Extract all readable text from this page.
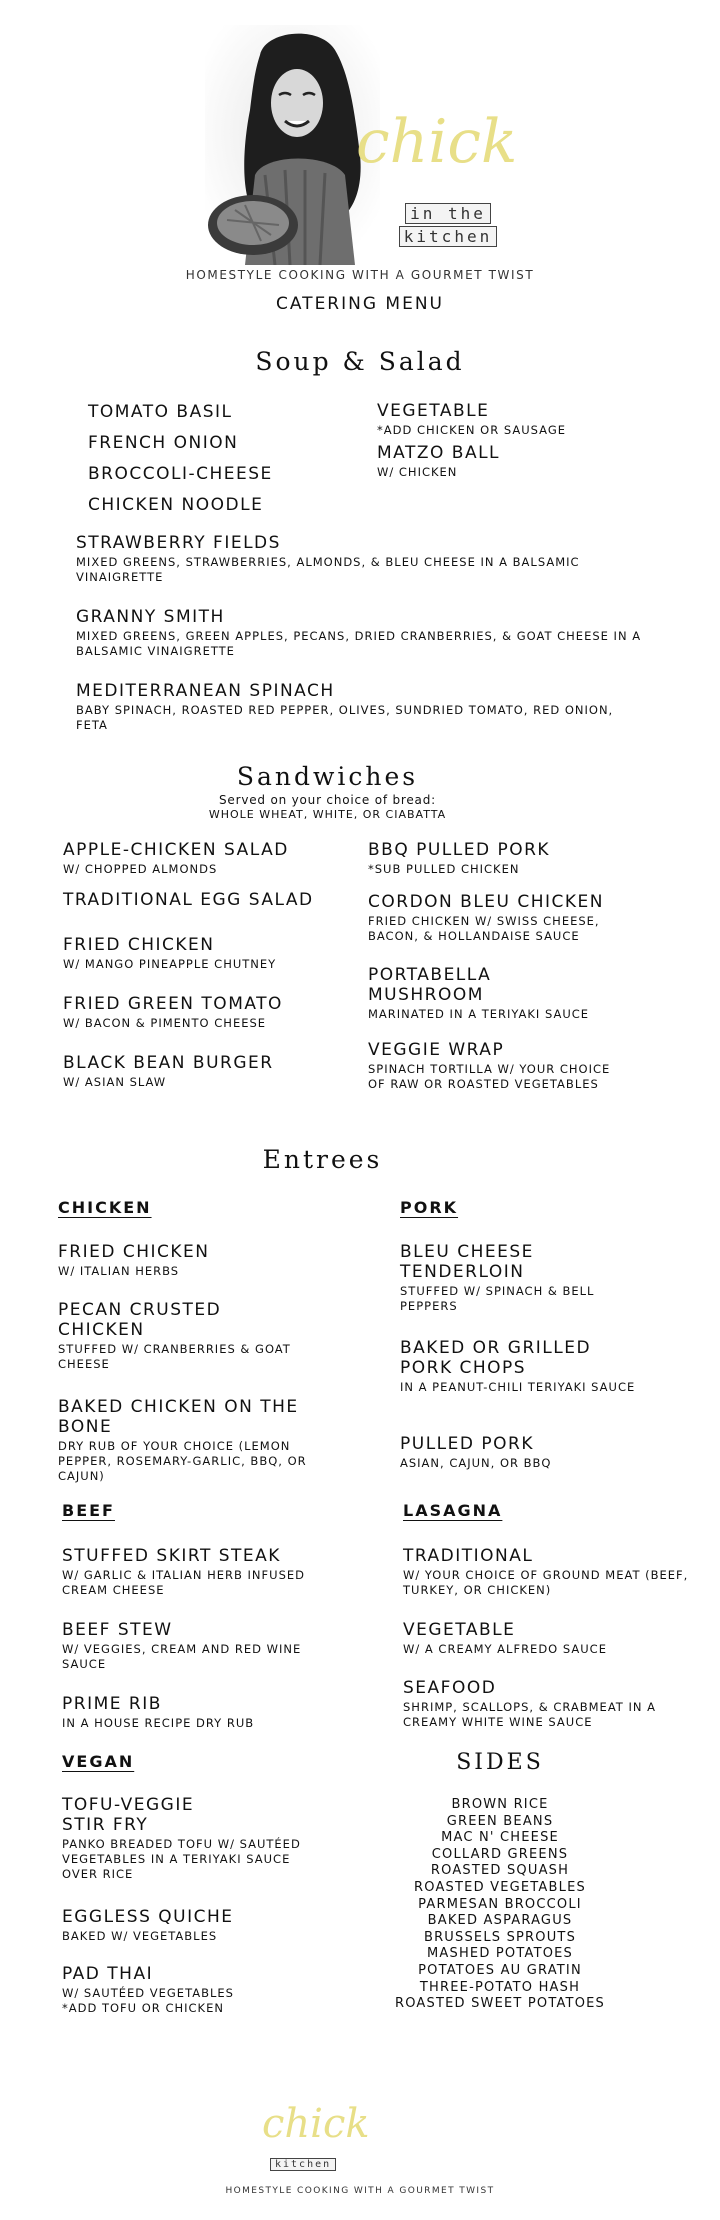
chick
in the
kitchen
HOMESTYLE COOKING WITH A GOURMET TWIST
CATERING MENU
Soup & Salad
TOMATO BASIL
FRENCH ONION
BROCCOLI-CHEESE
CHICKEN NOODLE
VEGETABLE
*ADD CHICKEN OR SAUSAGE
MATZO BALL
W/ CHICKEN
STRAWBERRY FIELDS
MIXED GREENS, STRAWBERRIES, ALMONDS, & BLEU CHEESE IN A BALSAMIC VINAIGRETTE
GRANNY SMITH
MIXED GREENS, GREEN APPLES, PECANS, DRIED CRANBERRIES, & GOAT CHEESE IN A BALSAMIC VINAIGRETTE
MEDITERRANEAN SPINACH
BABY SPINACH, ROASTED RED PEPPER, OLIVES, SUNDRIED TOMATO, RED ONION, FETA
Sandwiches
Served on your choice of bread:
WHOLE WHEAT, WHITE, OR CIABATTA
APPLE-CHICKEN SALAD
W/ CHOPPED ALMONDS
TRADITIONAL EGG SALAD
FRIED CHICKEN
W/ MANGO PINEAPPLE CHUTNEY
FRIED GREEN TOMATO
W/ BACON & PIMENTO CHEESE
BLACK BEAN BURGER
W/ ASIAN SLAW
BBQ PULLED PORK
*SUB PULLED CHICKEN
CORDON BLEU CHICKEN
FRIED CHICKEN W/ SWISS CHEESE, BACON, & HOLLANDAISE SAUCE
PORTABELLA MUSHROOM
MARINATED IN A TERIYAKI SAUCE
VEGGIE WRAP
SPINACH TORTILLA W/ YOUR CHOICE OF RAW OR ROASTED VEGETABLES
Entrees
CHICKEN
FRIED CHICKEN
W/ ITALIAN HERBS
PECAN CRUSTED CHICKEN
STUFFED W/ CRANBERRIES & GOAT CHEESE
BAKED CHICKEN ON THE BONE
DRY RUB OF YOUR CHOICE (LEMON PEPPER, ROSEMARY-GARLIC, BBQ, OR CAJUN)
PORK
BLEU CHEESE TENDERLOIN
STUFFED W/ SPINACH & BELL PEPPERS
BAKED OR GRILLED PORK CHOPS
IN A PEANUT-CHILI TERIYAKI SAUCE
PULLED PORK
ASIAN, CAJUN, OR BBQ
BEEF
STUFFED SKIRT STEAK
W/ GARLIC & ITALIAN HERB INFUSED CREAM CHEESE
BEEF STEW
W/ VEGGIES, CREAM AND RED WINE SAUCE
PRIME RIB
IN A HOUSE RECIPE DRY RUB
LASAGNA
TRADITIONAL
W/ YOUR CHOICE OF GROUND MEAT (BEEF, TURKEY, OR CHICKEN)
VEGETABLE
W/ A CREAMY ALFREDO SAUCE
SEAFOOD
SHRIMP, SCALLOPS, & CRABMEAT IN A CREAMY WHITE WINE SAUCE
VEGAN
TOFU-VEGGIE STIR FRY
PANKO BREADED TOFU W/ SAUTÉED VEGETABLES IN A TERIYAKI SAUCE OVER RICE
EGGLESS QUICHE
BAKED W/ VEGETABLES
PAD THAI
W/ SAUTÉED VEGETABLES *ADD TOFU OR CHICKEN
SIDES
BROWN RICE
GREEN BEANS
MAC N' CHEESE
COLLARD GREENS
ROASTED SQUASH
ROASTED VEGETABLES
PARMESAN BROCCOLI
BAKED ASPARAGUS
BRUSSELS SPROUTS
MASHED POTATOES
POTATOES AU GRATIN
THREE-POTATO HASH
ROASTED SWEET POTATOES
chick
kitchen
HOMESTYLE COOKING WITH A GOURMET TWIST
